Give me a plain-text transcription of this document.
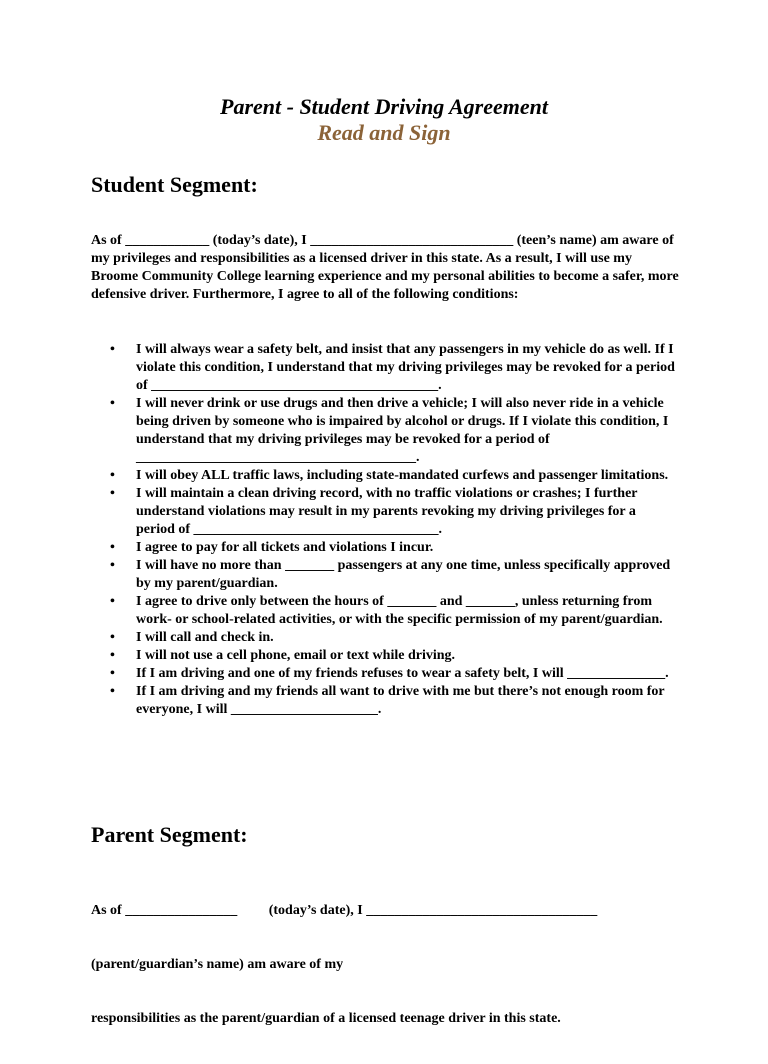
Parent - Student Driving Agreement
Read and Sign
Student Segment:
As of ____________ (today’s date), I _____________________________ (teen’s name) am aware of my privileges and responsibilities as a licensed driver in this state. As a result, I will use my Broome Community College learning experience and my personal abilities to become a safer, more defensive driver. Furthermore, I agree to all of the following conditions:
• I will always wear a safety belt, and insist that any passengers in my vehicle do as well. If I violate this condition, I understand that my driving privileges may be revoked for a period of _________________________________________.
• I will never drink or use drugs and then drive a vehicle; I will also never ride in a vehicle being driven by someone who is impaired by alcohol or drugs. If I violate this condition, I understand that my driving privileges may be revoked for a period of ________________________________________.
• I will obey ALL traffic laws, including state-mandated curfews and passenger limitations.
• I will maintain a clean driving record, with no traffic violations or crashes; I further understand violations may result in my parents revoking my driving privileges for a period of ___________________________________.
• I agree to pay for all tickets and violations I incur.
• I will have no more than _______ passengers at any one time, unless specifically approved by my parent/guardian.
• I agree to drive only between the hours of _______ and _______, unless returning from work- or school-related activities, or with the specific permission of my parent/guardian.
• I will call and check in.
• I will not use a cell phone, email or text while driving.
• If I am driving and one of my friends refuses to wear a safety belt, I will ______________.
• If I am driving and my friends all want to drive with me but there’s not enough room for everyone, I will _____________________.
Parent Segment:

As of ________________         (today’s date), I _________________________________

(parent/guardian’s name) am aware of my

responsibilities as the parent/guardian of a licensed teenage driver in this state.
